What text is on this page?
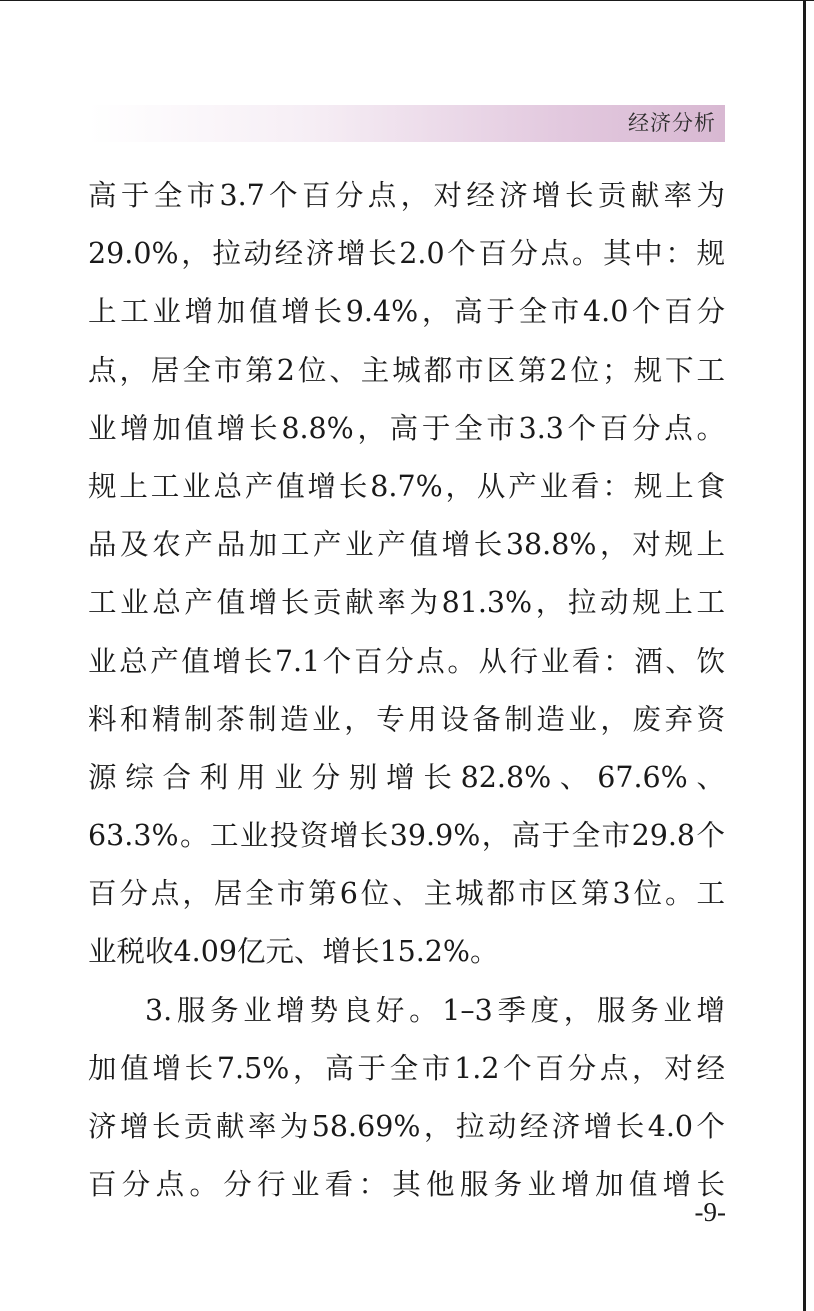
经济分析
高于全市3.7个百分点，对经济增长贡献率为
29.0%，拉动经济增长2.0个百分点。其中：规
上工业增加值增长9.4%，高于全市4.0个百分
点，居全市第2位、主城都市区第2位；规下工
业增加值增长8.8%，高于全市3.3个百分点。
规上工业总产值增长8.7%，从产业看：规上食
品及农产品加工产业产值增长38.8%，对规上
工业总产值增长贡献率为81.3%，拉动规上工
业总产值增长7.1个百分点。从行业看：酒、饮
料和精制茶制造业，专用设备制造业，废弃资
源综合利用业分别增长82.8%、67.6%、
63.3%。工业投资增长39.9%，高于全市29.8个
百分点，居全市第6位、主城都市区第3位。工
业税收4.09亿元、增长15.2%。
3.服务业增势良好。1–3季度，服务业增
加值增长7.5%，高于全市1.2个百分点，对经
济增长贡献率为58.69%，拉动经济增长4.0个
百分点。分行业看：其他服务业增加值增长
-9-
